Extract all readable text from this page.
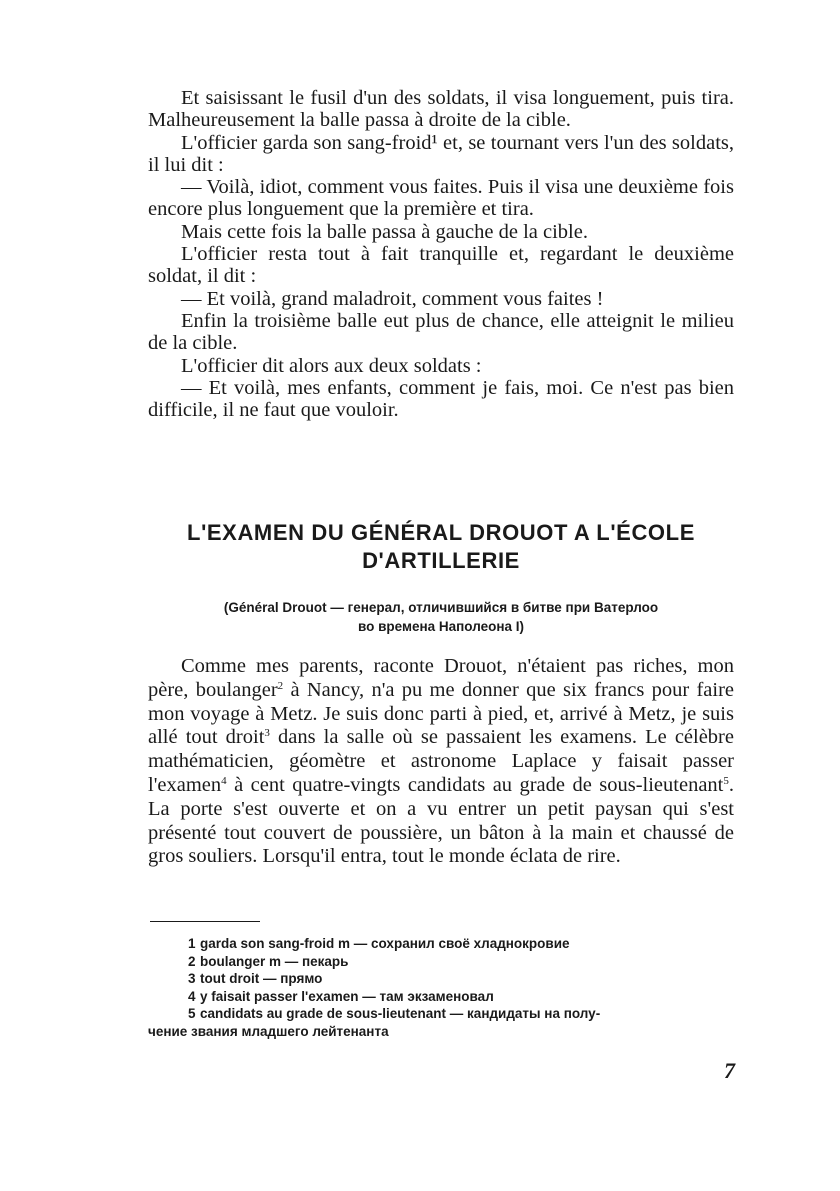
Et saisissant le fusil d'un des soldats, il visa longuement, puis tira. Malheureusement la balle passa à droite de la cible.

L'officier garda son sang-froid¹ et, se tournant vers l'un des soldats, il lui dit :

— Voilà, idiot, comment vous faites. Puis il visa une deuxième fois encore plus longuement que la première et tira.

Mais cette fois la balle passa à gauche de la cible.

L'officier resta tout à fait tranquille et, regardant le deuxième soldat, il dit :

— Et voilà, grand maladroit, comment vous faites !

Enfin la troisième balle eut plus de chance, elle atteignit le milieu de la cible.

L'officier dit alors aux deux soldats :

— Et voilà, mes enfants, comment je fais, moi. Ce n'est pas bien difficile, il ne faut que vouloir.

L'EXAMEN DU GÉNÉRAL DROUOT A L'ÉCOLE
D'ARTILLERIE

(Général Drouot — генерал, отличившийся в битве при Ватерлоо
во времена Наполеона I)

Comme mes parents, raconte Drouot, n'étaient pas riches, mon père, boulanger$^2$ à Nancy, n'a pu me donner que six francs pour faire mon voyage à Metz. Je suis donc parti à pied, et, arrivé à Metz, je suis allé tout droit$^3$ dans la salle où se passaient les examens. Le célèbre mathématicien, géomètre et astronome Laplace y faisait passer l'examen$^4$ à cent quatre-vingts candidats au grade de sous-lieutenant$^5$. La porte s'est ouverte et on a vu entrer un petit paysan qui s'est présenté tout couvert de poussière, un bâton à la main et chaussé de gros souliers. Lorsqu'il entra, tout le monde éclata de rire.

1 garda son sang-froid m — сохранил своё хладнокровие

2 boulanger m — пекарь

3 tout droit — прямо

4 y faisait passer l'examen — там экзаменовал

5 candidats au grade de sous-lieutenant — кандидаты на полу-

чение звания младшего лейтенанта

7
